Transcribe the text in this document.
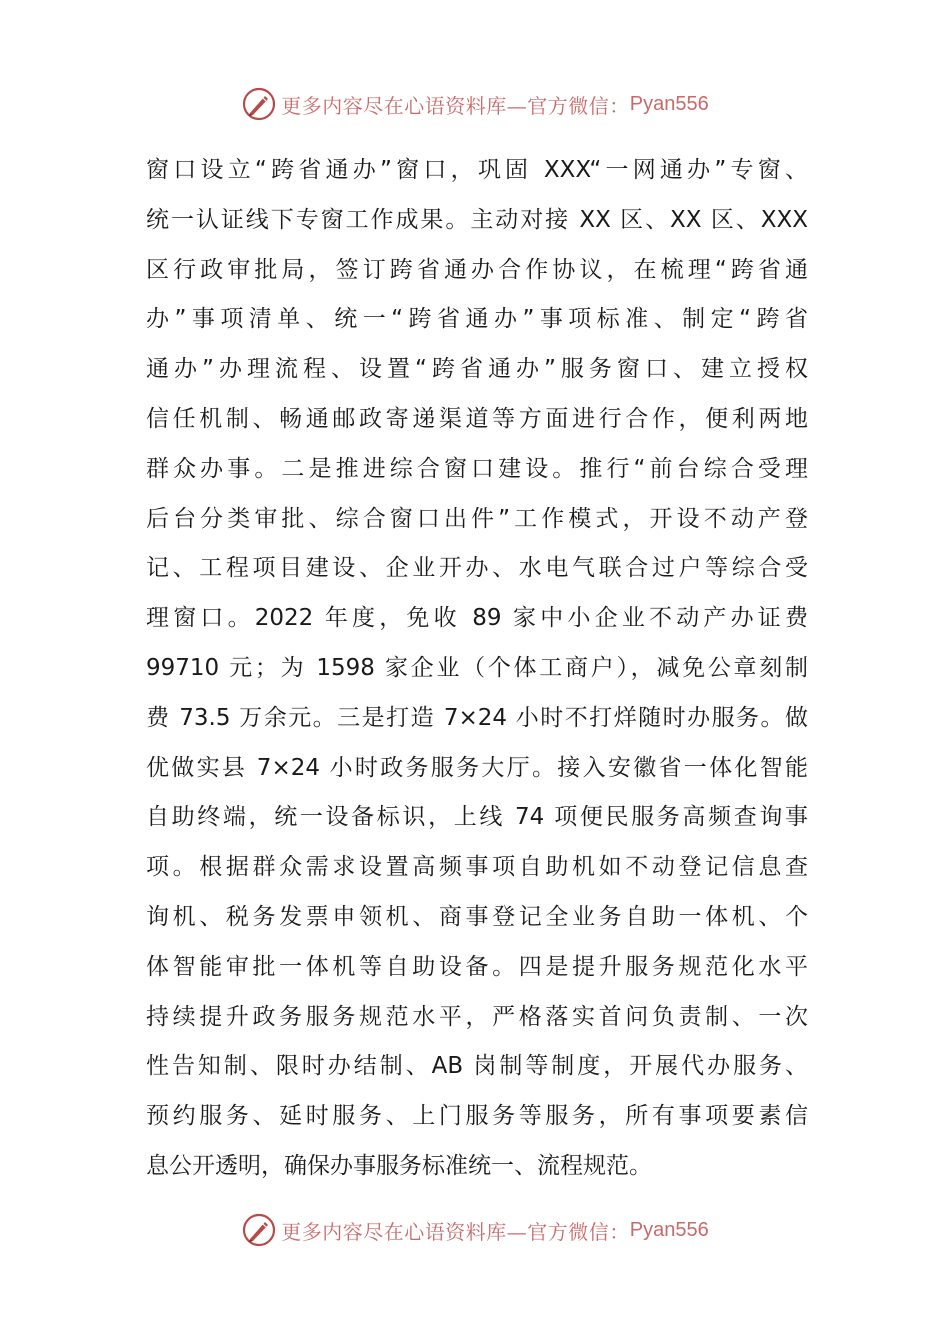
更多内容尽在心语资料库—官方微信： Pyan556
窗口设立“跨省通办”窗口，巩固 XXX“一网通办”专窗、
统一认证线下专窗工作成果。主动对接 XX 区、XX 区、XXX
区行政审批局，签订跨省通办合作协议，在梳理“跨省通
办”事项清单、统一“跨省通办”事项标准、制定“跨省
通办”办理流程、设置“跨省通办”服务窗口、建立授权
信任机制、畅通邮政寄递渠道等方面进行合作，便利两地
群众办事。二是推进综合窗口建设。推行“前台综合受理
后台分类审批、综合窗口出件”工作模式，开设不动产登
记、工程项目建设、企业开办、水电气联合过户等综合受
理窗口。2022 年度，免收 89 家中小企业不动产办证费
99710 元；为 1598 家企业（个体工商户），减免公章刻制
费 73.5 万余元。三是打造 7×24 小时不打烊随时办服务。做
优做实县 7×24 小时政务服务大厅。接入安徽省一体化智能
自助终端，统一设备标识，上线 74 项便民服务高频查询事
项。根据群众需求设置高频事项自助机如不动登记信息查
询机、税务发票申领机、商事登记全业务自助一体机、个
体智能审批一体机等自助设备。四是提升服务规范化水平
持续提升政务服务规范水平，严格落实首问负责制、一次
性告知制、限时办结制、AB 岗制等制度，开展代办服务、
预约服务、延时服务、上门服务等服务，所有事项要素信
息公开透明，确保办事服务标准统一、流程规范。
更多内容尽在心语资料库—官方微信： Pyan556
